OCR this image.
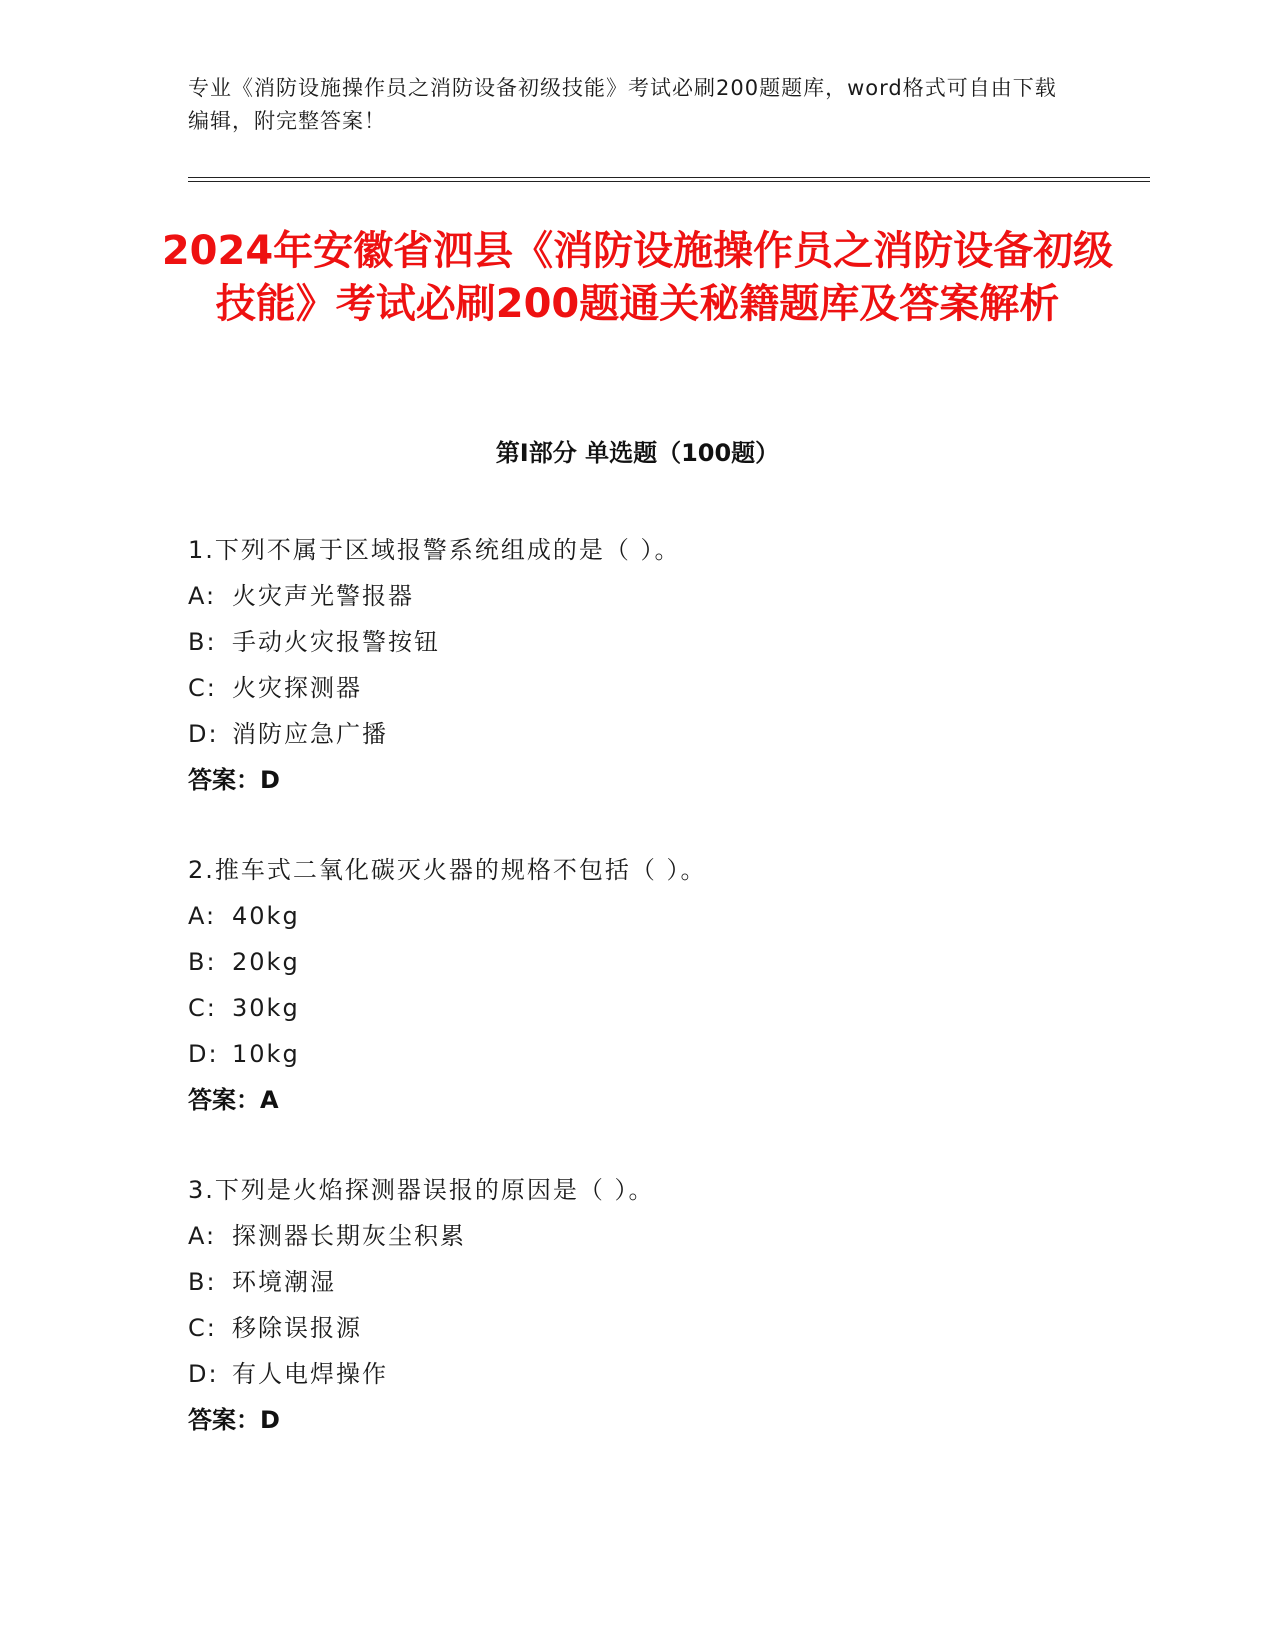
专业《消防设施操作员之消防设备初级技能》考试必刷200题题库，word格式可自由下载编辑，附完整答案！
2024年安徽省泗县《消防设施操作员之消防设备初级技能》考试必刷200题通关秘籍题库及答案解析
第I部分 单选题（100题）
1.下列不属于区域报警系统组成的是（ ）。
A: 火灾声光警报器
B: 手动火灾报警按钮
C: 火灾探测器
D: 消防应急广播
答案：D
2.推车式二氧化碳灭火器的规格不包括（ ）。
A: 40kg
B: 20kg
C: 30kg
D: 10kg
答案：A
3.下列是火焰探测器误报的原因是（ ）。
A: 探测器长期灰尘积累
B: 环境潮湿
C: 移除误报源
D: 有人电焊操作
答案：D
